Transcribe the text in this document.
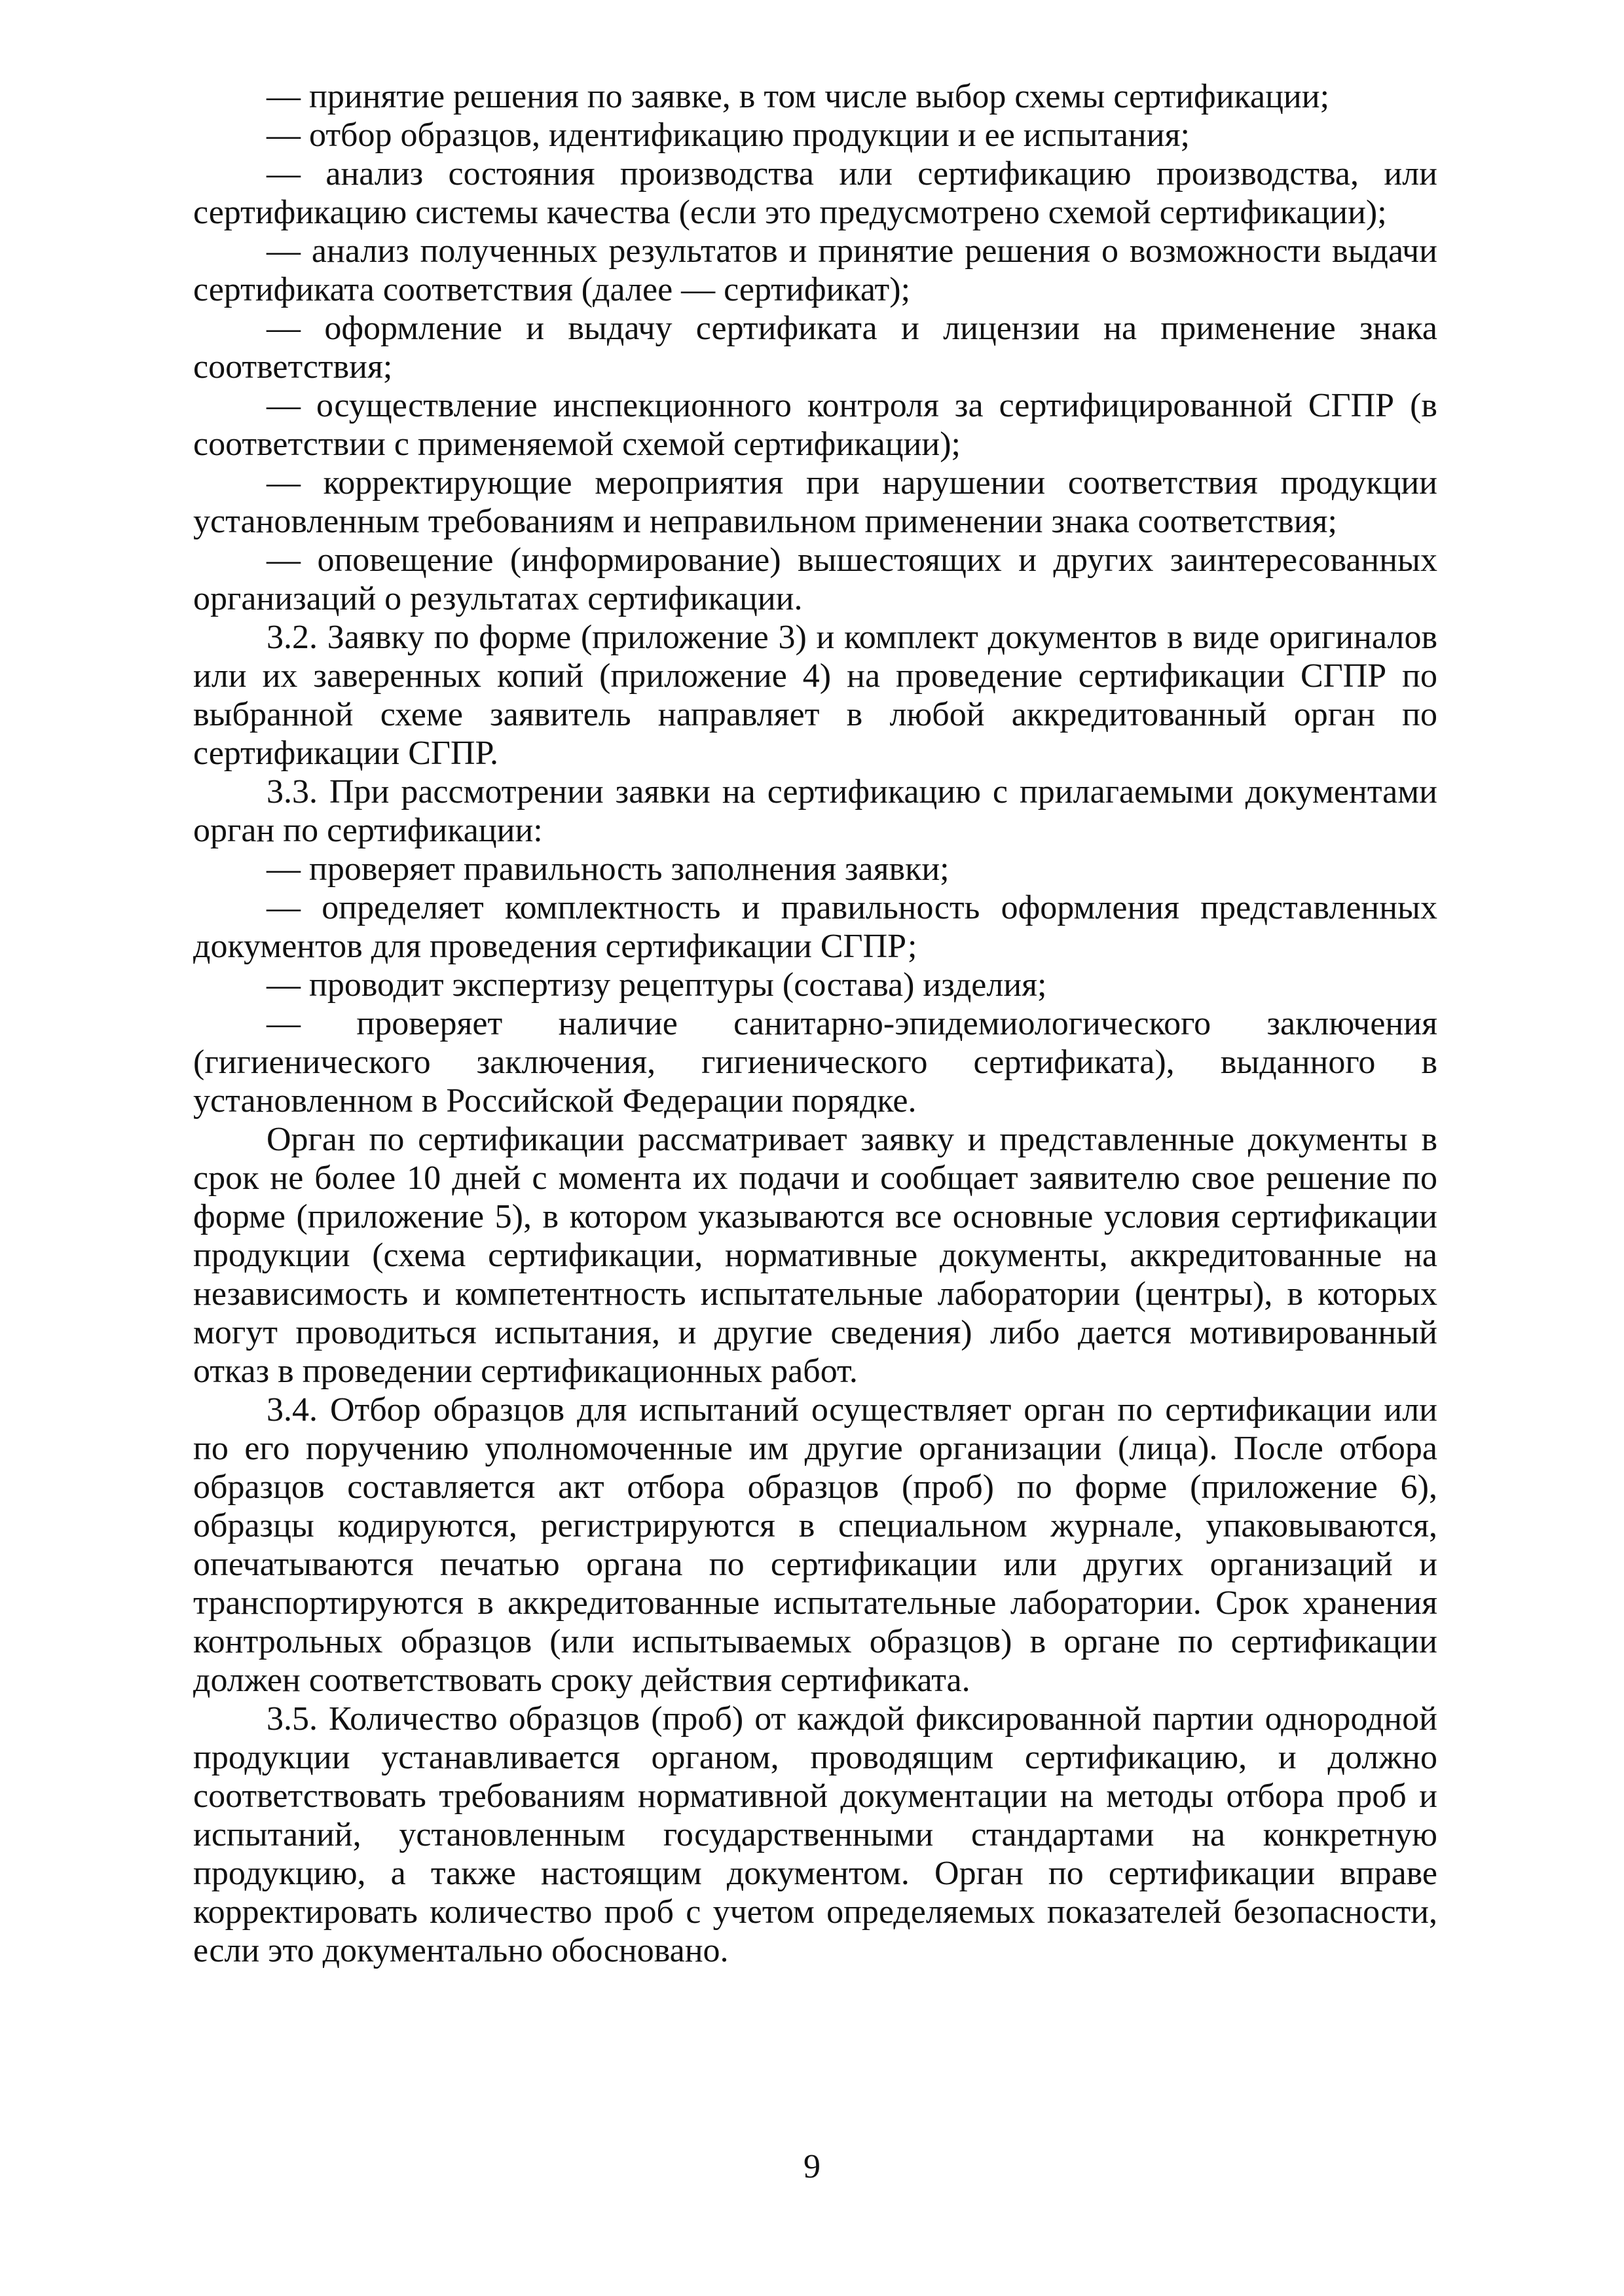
— принятие решения по заявке, в том числе выбор схемы сертификации;

— отбор образцов, идентификацию продукции и ее испытания;

— анализ состояния производства или сертификацию производства, или сертификацию системы качества (если это предусмотрено схемой сертификации);

— анализ полученных результатов и принятие решения о возможности выдачи сертификата соответствия (далее — сертификат);

— оформление и выдачу сертификата и лицензии на применение знака соответствия;

— осуществление инспекционного контроля за сертифицированной СГПР (в соответствии с применяемой схемой сертификации);

— корректирующие мероприятия при нарушении соответствия продукции установленным требованиям и неправильном применении знака соответствия;

— оповещение (информирование) вышестоящих и других заинтересованных организаций о результатах сертификации.

3.2. Заявку по форме (приложение 3) и комплект документов в виде оригиналов или их заверенных копий (приложение 4) на проведение сертификации СГПР по выбранной схеме заявитель направляет в любой аккредитованный орган по сертификации СГПР.

3.3. При рассмотрении заявки на сертификацию с прилагаемыми документами орган по сертификации:

— проверяет правильность заполнения заявки;

— определяет комплектность и правильность оформления представленных документов для проведения сертификации СГПР;

— проводит экспертизу рецептуры (состава) изделия;

— проверяет наличие санитарно-эпидемиологического заключения (гигиенического заключения, гигиенического сертификата), выданного в установленном в Российской Федерации порядке.

Орган по сертификации рассматривает заявку и представленные документы в срок не более 10 дней с момента их подачи и сообщает заявителю свое решение по форме (приложение 5), в котором указываются все основные условия сертификации продукции (схема сертификации, нормативные документы, аккредитованные на независимость и компетентность испытательные лаборатории (центры), в которых могут проводиться испытания, и другие сведения) либо дается мотивированный отказ в проведении сертификационных работ.

3.4. Отбор образцов для испытаний осуществляет орган по сертификации или по его поручению уполномоченные им другие организации (лица). После отбора образцов составляется акт отбора образцов (проб) по форме (приложение 6), образцы кодируются, регистрируются в специальном журнале, упаковываются, опечатываются печатью органа по сертификации или других организаций и транспортируются в аккредитованные испытательные лаборатории. Срок хранения контрольных образцов (или испытываемых образцов) в органе по сертификации должен соответствовать сроку действия сертификата.

3.5. Количество образцов (проб) от каждой фиксированной партии однородной продукции устанавливается органом, проводящим сертификацию, и должно соответствовать требованиям нормативной документации на методы отбора проб и испытаний, установленным государственными стандартами на конкретную продукцию, а также настоящим документом. Орган по сертификации вправе корректировать количество проб с учетом определяемых показателей безопасности, если это документально обосновано.

9
